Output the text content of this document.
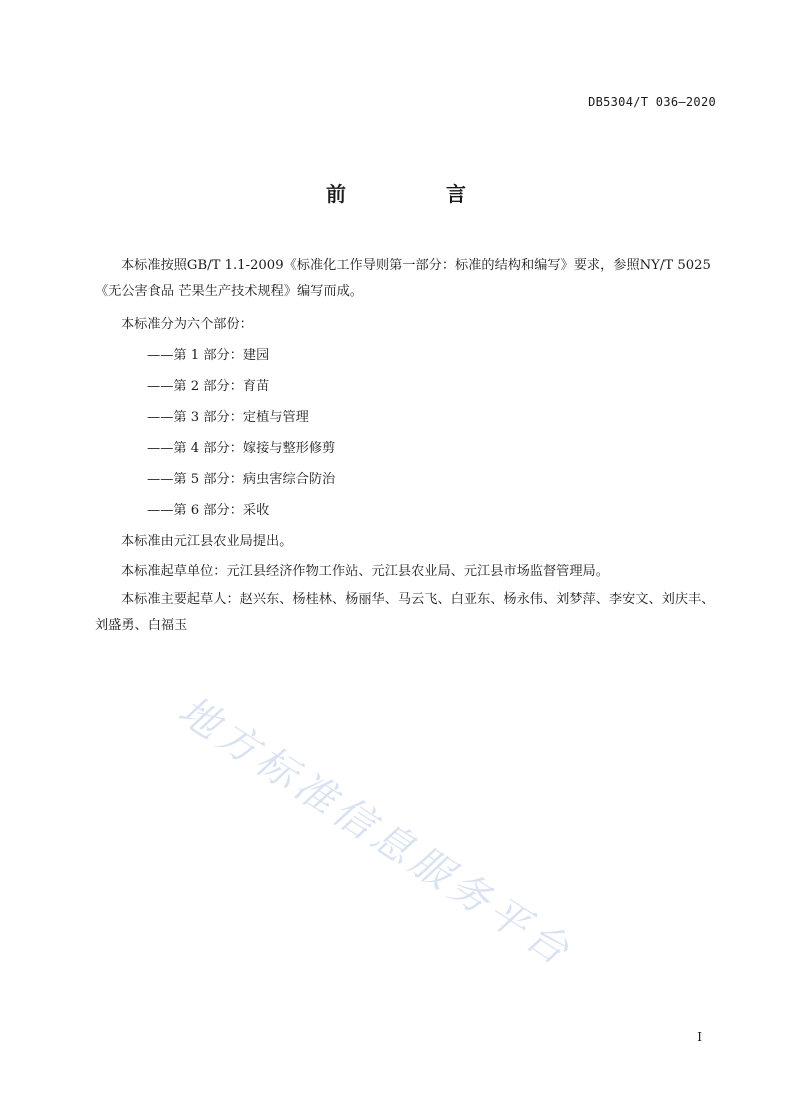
DB5304/T 036—2020
前　言

本标准按照GB/T 1.1-2009《标准化工作导则第一部分：标准的结构和编写》要求，参照NY/T 5025《无公害食品 芒果生产技术规程》编写而成。

本标准分为六个部份：

——第 1 部分：建园

——第 2 部分：育苗

——第 3 部分：定植与管理

——第 4 部分：嫁接与整形修剪

——第 5 部分：病虫害综合防治

——第 6 部分：采收

本标准由元江县农业局提出。

本标准起草单位：元江县经济作物工作站、元江县农业局、元江县市场监督管理局。

本标准主要起草人：赵兴东、杨桂林、杨丽华、马云飞、白亚东、杨永伟、刘梦萍、李安文、刘庆丰、刘盛勇、白福玉

地方标准信息服务平台
I
